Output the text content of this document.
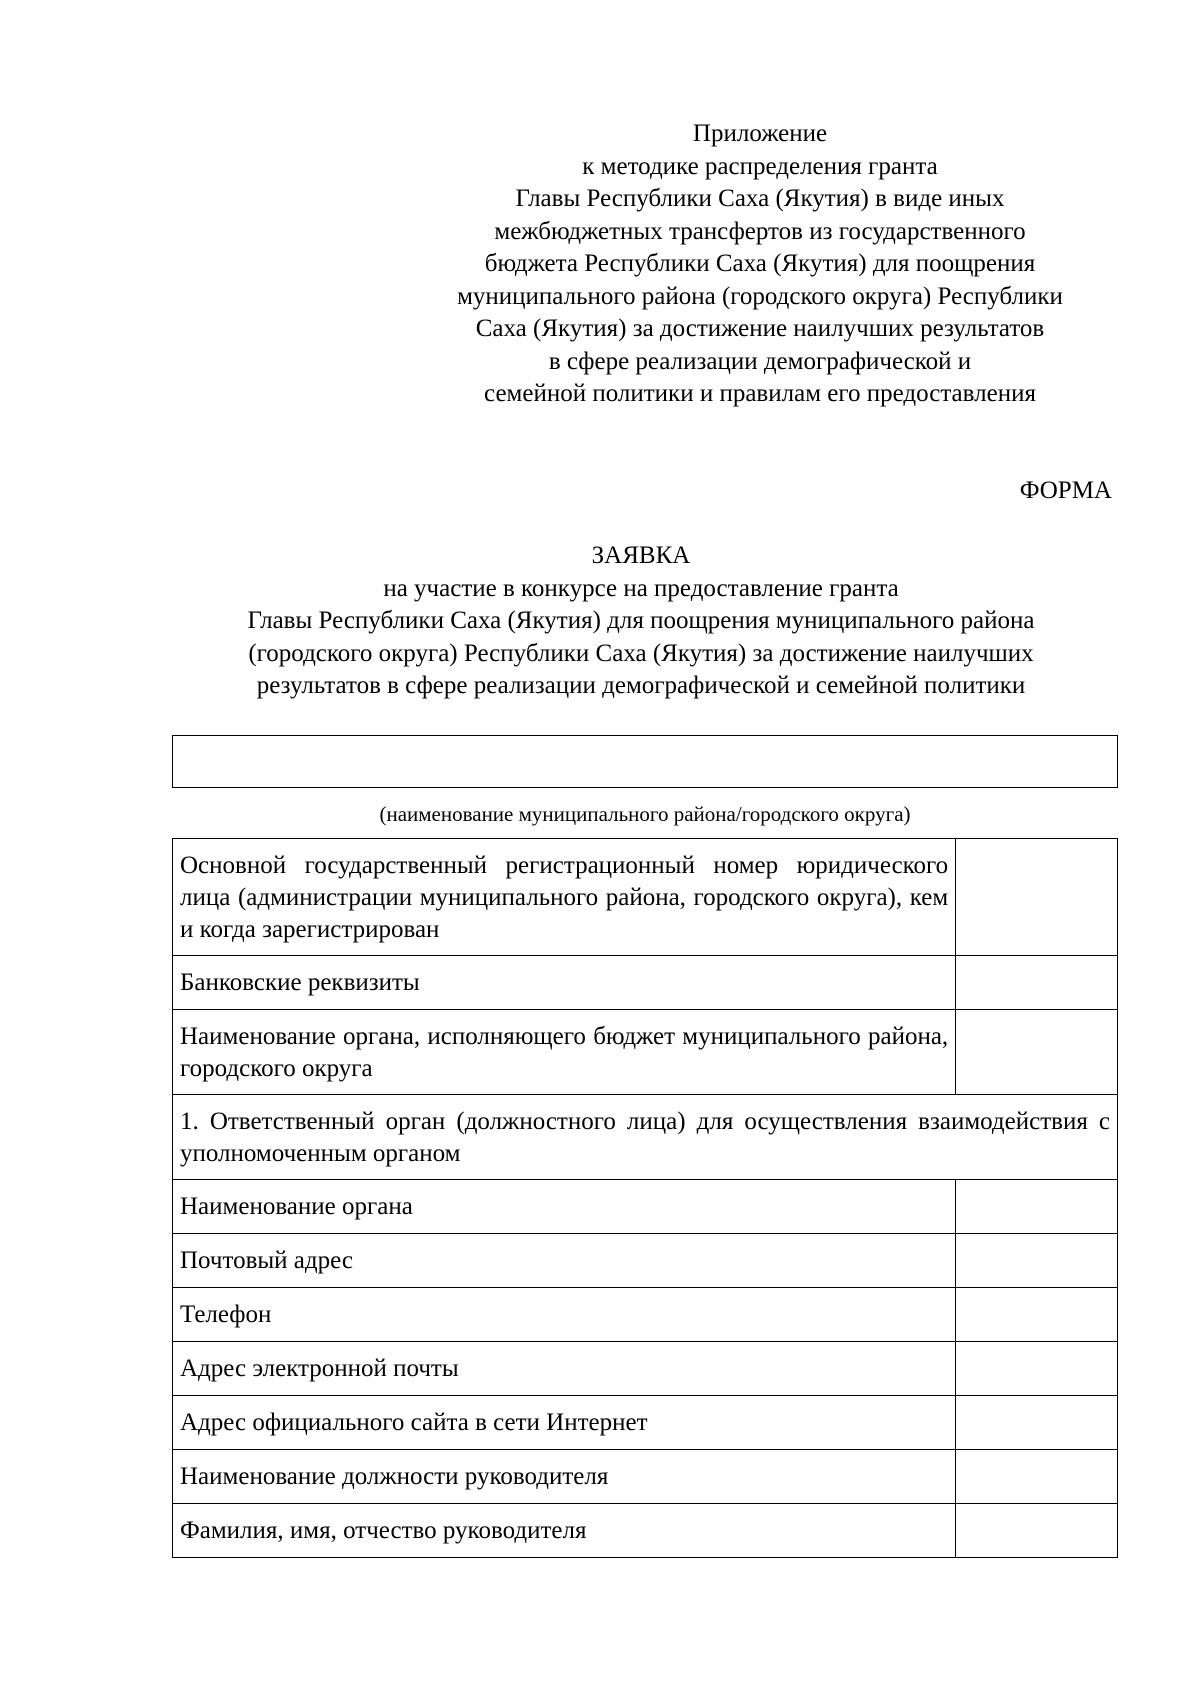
Приложение
к методике распределения гранта
Главы Республики Саха (Якутия) в виде иных
межбюджетных трансфертов из государственного
бюджета Республики Саха (Якутия) для поощрения
муниципального района (городского округа) Республики
Саха (Якутия) за достижение наилучших результатов
в сфере реализации демографической и
семейной политики и правилам его предоставления
ФОРМА
ЗАЯВКА
на участие в конкурсе на предоставление гранта
Главы Республики Саха (Якутия) для поощрения муниципального района
(городского округа) Республики Саха (Якутия) за достижение наилучших
результатов в сфере реализации демографической и семейной политики
(наименование муниципального района/городского округа)
Основной государственный регистрационный номер юридического лица (администрации муниципального района, городского округа), кем и когда зарегистрирован	
Банковские реквизиты	
Наименование органа, исполняющего бюджет муниципального района, городского округа	
1. Ответственный орган (должностного лица) для осуществления взаимодействия с уполномоченным органом	
Наименование органа	
Почтовый адрес	
Телефон	
Адрес электронной почты	
Адрес официального сайта в сети Интернет	
Наименование должности руководителя	
Фамилия, имя, отчество руководителя	
